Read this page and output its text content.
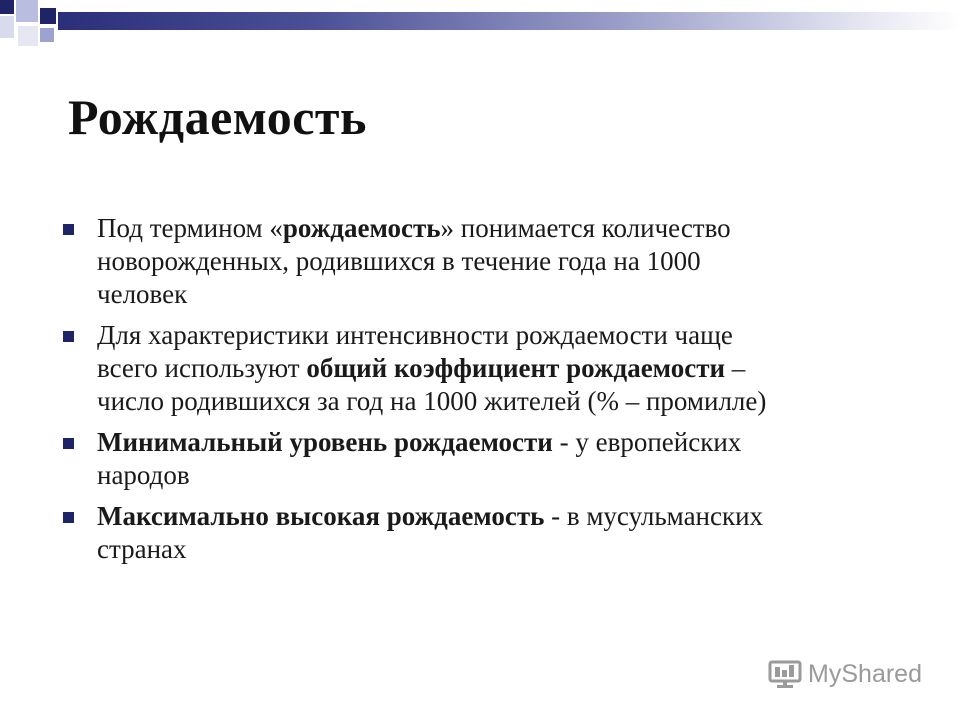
Рождаемость
Под термином «рождаемость» понимается количество
новорожденных, родившихся в течение года на 1000
человек
Для характеристики интенсивности рождаемости чаще
всего используют общий коэффициент рождаемости –
число родившихся за год на 1000 жителей (% – промилле)
Минимальный уровень рождаемости - у европейских
народов
Максимально высокая рождаемость - в мусульманских
странах
MyShared
